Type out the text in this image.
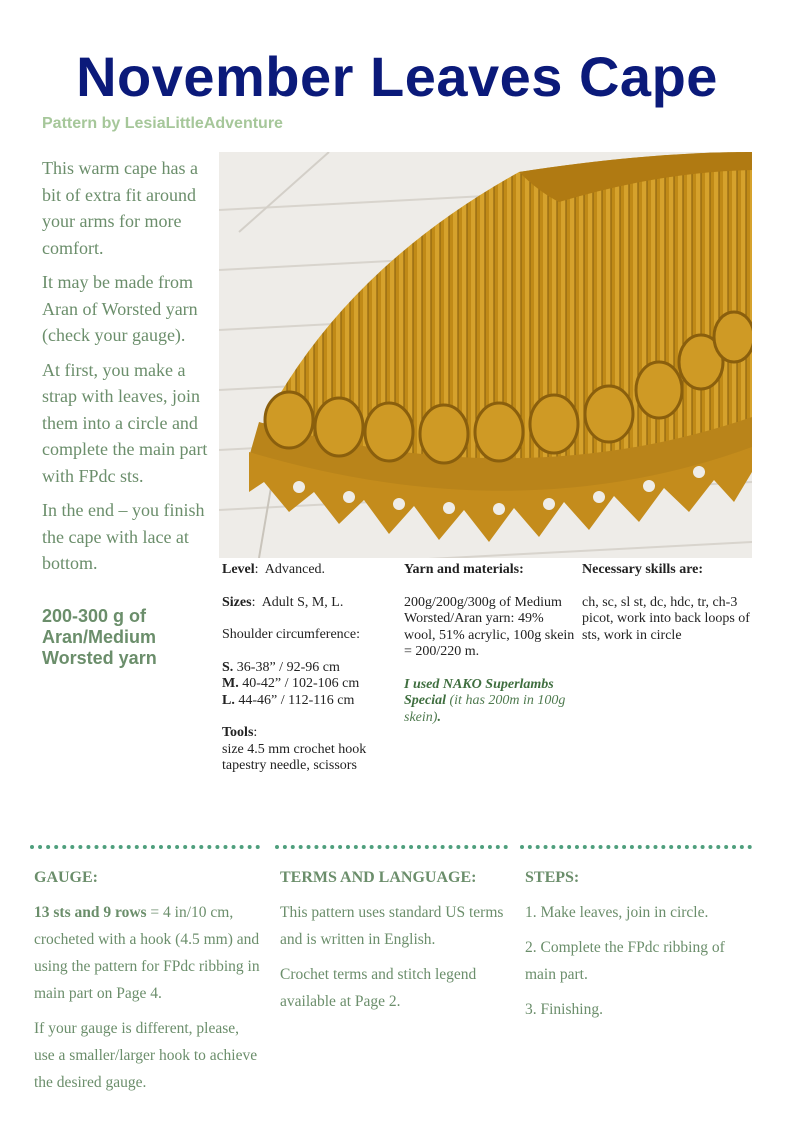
November Leaves Cape
Pattern by LesiaLittleAdventure

This warm cape has a bit of extra fit around your arms for more comfort.

It may be made from Aran of Worsted yarn (check your gauge).

At first, you make a strap with leaves, join them into a circle and complete the main part with FPdc sts.

In the end – you finish the cape with lace at bottom.

200-300 g of Aran/Medium Worsted yarn

Level:  Advanced.

Sizes:  Adult S, M, L.

Shoulder circumference:

S. 36-38” / 92-96 cm
M. 40-42” / 102-106 cm
L. 44-46” / 112-116 cm

Tools:
size 4.5 mm crochet hook
tapestry needle, scissors

Yarn and materials:

200g/200g/300g of Medium Worsted/Aran yarn: 49% wool, 51% acrylic, 100g skein = 200/220 m.

I used NAKO Superlambs Special (it has 200m in 100g skein).

Necessary skills are:

ch, sc, sl st, dc, hdc, tr, ch-3 picot, work into back loops of sts, work in circle

GAUGE:

13 sts and 9 rows = 4 in/10 cm, crocheted with a hook (4.5 mm) and using the pattern for FPdc ribbing in main part on Page 4.

If your gauge is different, please, use a smaller/larger hook to achieve the desired gauge.

TERMS AND LANGUAGE:

This pattern uses standard US terms and is written in English.

Crochet terms and stitch legend available at Page 2.

STEPS:

1. Make leaves, join in circle.

2. Complete the FPdc ribbing of main part.

3. Finishing.
